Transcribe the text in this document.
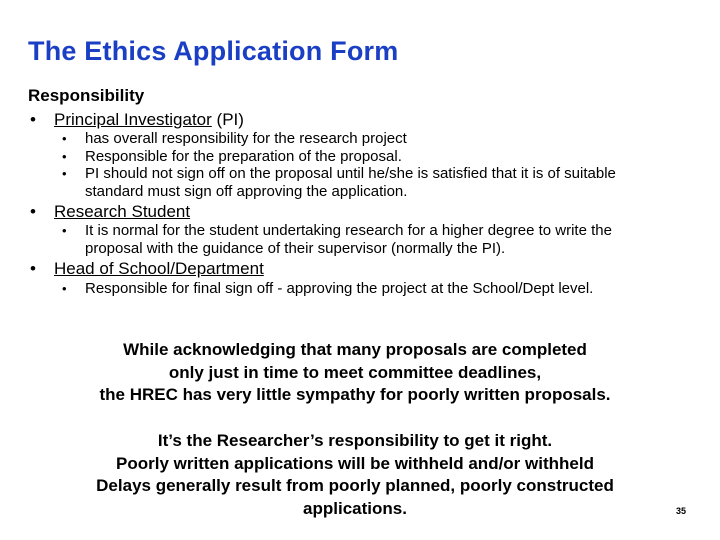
The Ethics Application Form
Responsibility
•	Principal Investigator (PI)
•	has overall responsibility for the research project
•	Responsible for the preparation of the proposal.
•	PI should not sign off on the proposal until he/she is satisfied that it is of suitable standard must sign off approving the application.
•	Research Student
•	It is normal for the student undertaking research for a higher degree to write the proposal with the guidance of their supervisor (normally the PI).
•	Head of School/Department
•	Responsible for final sign off - approving the project at the School/Dept level.
While acknowledging that many proposals are completed
only just in time to meet committee deadlines,
the HREC has very little sympathy for poorly written proposals.
It’s the Researcher’s responsibility to get it right.
Poorly written applications will be withheld and/or withheld
Delays generally result from poorly planned, poorly constructed
applications.	35
